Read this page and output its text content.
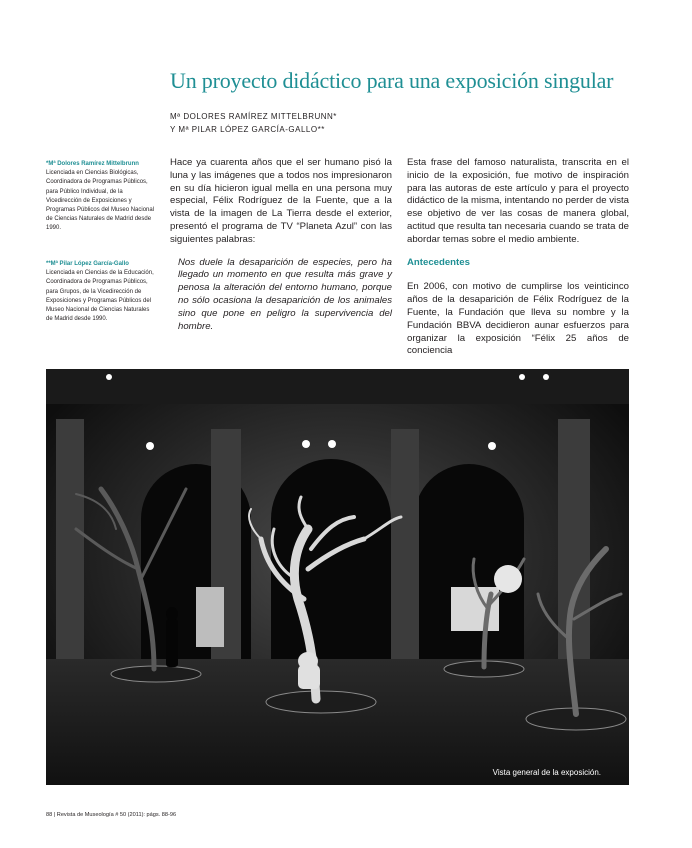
Un proyecto didáctico para una exposición singular
Mª DOLORES RAMÍREZ MITTELBRUNN*
Y Mª PILAR LÓPEZ GARCÍA-GALLO**
*Mª Dolores Ramírez Mittelbrunn
Licenciada en Ciencias Biológicas, Coordinadora de Programas Públicos, para Público Individual, de la Vicedirección de Exposiciones y Programas Públicos del Museo Nacional de Ciencias Naturales de Madrid desde 1990.
**Mª Pilar López García-Gallo
Licenciada en Ciencias de la Educación, Coordinadora de Programas Públicos, para Grupos, de la Vicedirección de Exposiciones y Programas Públicos del Museo Nacional de Ciencias Naturales de Madrid desde 1990.

Hace ya cuarenta años que el ser humano pisó la luna y las imágenes que a todos nos impresionaron en su día hicieron igual mella en una persona muy especial, Félix Rodríguez de la Fuente, que a la vista de la imagen de La Tierra desde el exterior, presentó el programa de TV “Planeta Azul” con las siguientes palabras:

Nos duele la desaparición de especies, pero ha llegado un momento en que resulta más grave y penosa la alteración del entorno humano, porque no sólo ocasiona la desaparición de los animales sino que pone en peligro la supervivencia del hombre.

Esta frase del famoso naturalista, transcrita en el inicio de la exposición, fue motivo de inspiración para las autoras de este artículo y para el proyecto didáctico de la misma, intentando no perder de vista ese objetivo de ver las cosas de manera global, actitud que resulta tan necesaria cuando se trata de abordar temas sobre el medio ambiente.

Antecedentes

En 2006, con motivo de cumplirse los veinticinco años de la desaparición de Félix Rodríguez de la Fuente, la Fundación que lleva su nombre y la Fundación BBVA decidieron aunar esfuerzos para organizar la exposición “Félix 25 años de conciencia

Vista general de la exposición.
88 | Revista de Museología # 50 (2011): págs. 88-96
